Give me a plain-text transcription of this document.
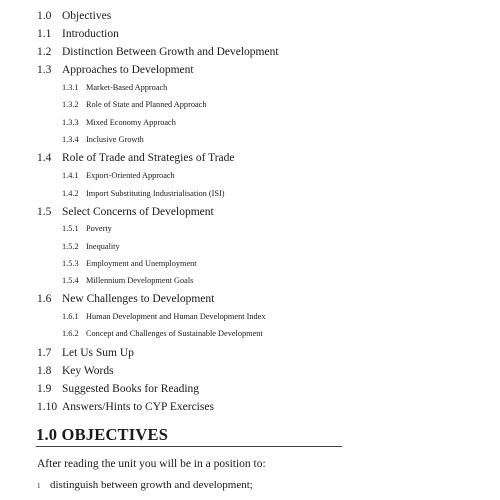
1.0 Objectives
1.1 Introduction
1.2 Distinction Between Growth and Development
1.3 Approaches to Development
1.3.1 Market-Based Approach
1.3.2 Role of State and Planned Approach
1.3.3 Mixed Economy Approach
1.3.4 Inclusive Growth
1.4 Role of Trade and Strategies of Trade
1.4.1 Export-Oriented Approach
1.4.2 Import Substituting Industrialisation (ISI)
1.5 Select Concerns of Development
1.5.1 Poverty
1.5.2 Inequality
1.5.3 Employment and Unemployment
1.5.4 Millennium Development Goals
1.6 New Challenges to Development
1.6.1 Human Development and Human Development Index
1.6.2 Concept and Challenges of Sustainable Development
1.7 Let Us Sum Up
1.8 Key Words
1.9 Suggested Books for Reading
1.10 Answers/Hints to CYP Exercises
1.0 OBJECTIVES
After reading the unit you will be in a position to:
1 distinguish between growth and development;
